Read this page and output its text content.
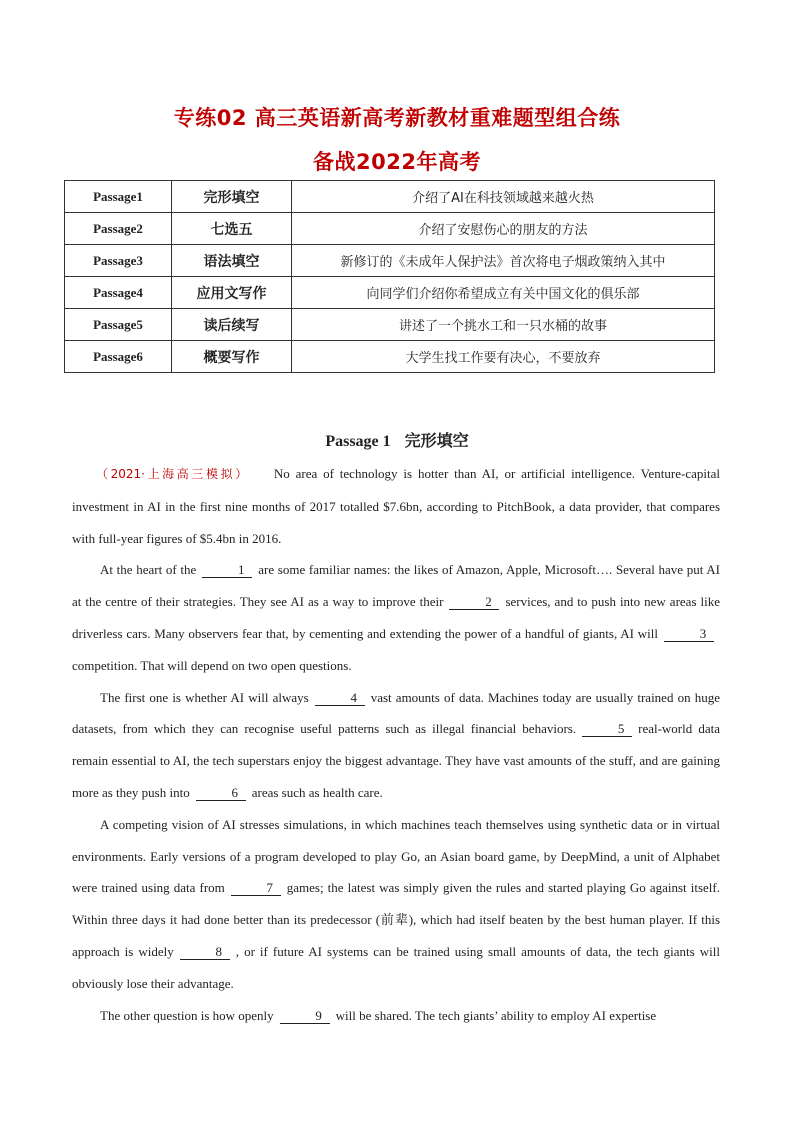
专练02 高三英语新高考新教材重难题型组合练
备战2022年高考
Passage1	完形填空	介绍了AI在科技领域越来越火热
Passage2	七选五	介绍了安慰伤心的朋友的方法
Passage3	语法填空	新修订的《未成年人保护法》首次将电子烟政策纳入其中
Passage4	应用文写作	向同学们介绍你希望成立有关中国文化的俱乐部
Passage5	读后续写	讲述了一个挑水工和一只水桶的故事
Passage6	概要写作	大学生找工作要有决心，不要放弃
Passage 1 完形填空

（2021·上海高三模拟） No area of technology is hotter than AI, or artificial intelligence. Venture-capital investment in AI in the first nine months of 2017 totalled $7.6bn, according to PitchBook, a data provider, that compares with full-year figures of $5.4bn in 2016.

At the heart of the	1 are some familiar names: the likes of Amazon, Apple, Microsoft…. Several have put AI at the centre of their strategies. They see AI as a way to improve their	2 services, and to push into new areas like driverless cars. Many observers fear that, by cementing and extending the power of a handful of giants, AI will	3competition. That will depend on two open questions.

The first one is whether AI will always	4 vast amounts of data. Machines today are usually trained on huge datasets, from which they can recognise useful patterns such as illegal financial behaviors.	5 real-world data remain essential to AI, the tech superstars enjoy the biggest advantage. They have vast amounts of the stuff, and are gaining more as they push into	6 areas such as health care.

A competing vision of AI stresses simulations, in which machines teach themselves using synthetic data or in virtual environments. Early versions of a program developed to play Go, an Asian board game, by DeepMind, a unit of Alphabet were trained using data from	7 games; the latest was simply given the rules and started playing Go against itself. Within three days it had done better than its predecessor (前辈), which had itself beaten by the best human player. If this approach is widely	8 , or if future AI systems can be trained using small amounts of data, the tech giants will obviously lose their advantage.

The other question is how openly	9 will be shared. The tech giants’ ability to employ AI expertise
